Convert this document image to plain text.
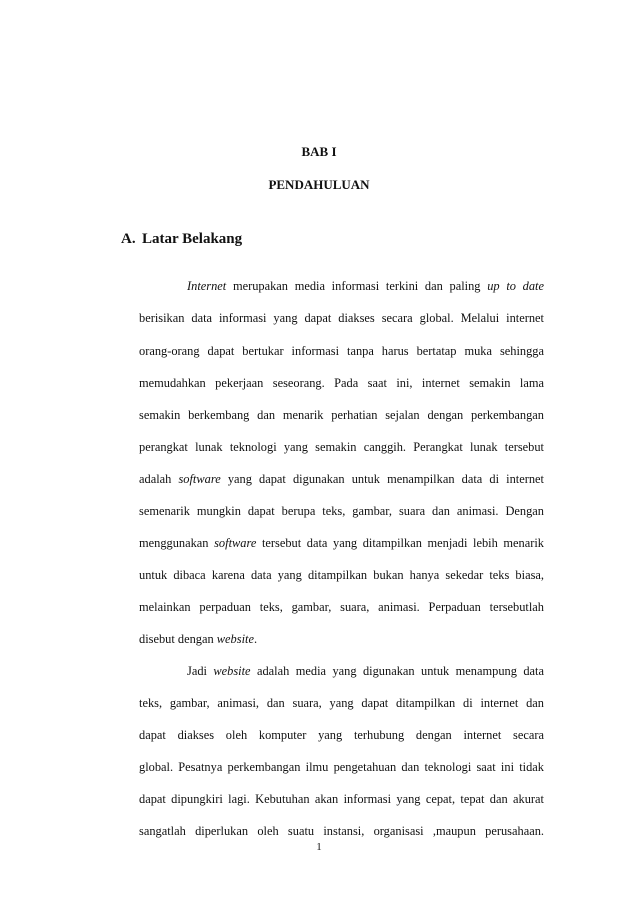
BAB I
PENDAHULUAN
A. Latar Belakang
Internet merupakan media informasi terkini dan paling up to date
berisikan data informasi yang dapat diakses secara global. Melalui internet
orang-orang dapat bertukar informasi tanpa harus bertatap muka sehingga
memudahkan pekerjaan seseorang. Pada saat ini, internet semakin lama
semakin berkembang dan menarik perhatian sejalan dengan perkembangan
perangkat lunak teknologi yang semakin canggih. Perangkat lunak tersebut
adalah software yang dapat digunakan untuk menampilkan data di internet
semenarik mungkin dapat berupa teks, gambar, suara dan animasi. Dengan
menggunakan software tersebut data yang ditampilkan menjadi lebih menarik
untuk dibaca karena data yang ditampilkan bukan hanya sekedar teks biasa,
melainkan perpaduan teks, gambar, suara, animasi. Perpaduan tersebutlah
disebut dengan website.
Jadi website adalah media yang digunakan untuk menampung data
teks, gambar, animasi, dan suara, yang dapat ditampilkan di internet dan
dapat diakses oleh komputer yang terhubung dengan internet secara
global. Pesatnya perkembangan ilmu pengetahuan dan teknologi saat ini tidak
dapat dipungkiri lagi. Kebutuhan akan informasi yang cepat, tepat dan akurat
sangatlah diperlukan oleh suatu instansi, organisasi ,maupun perusahaan.
1
